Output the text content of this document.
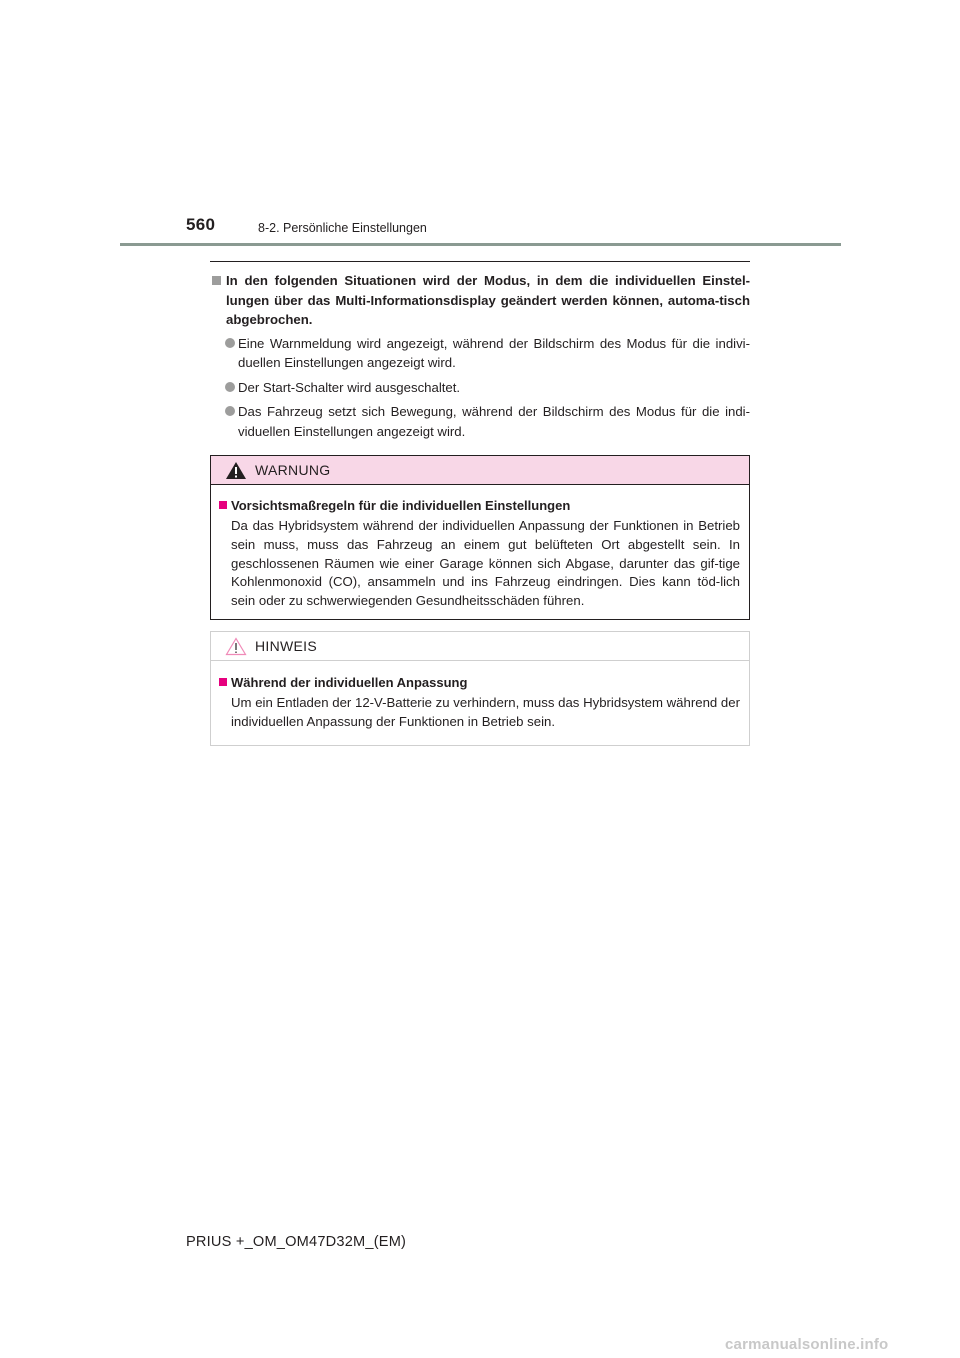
560	8-2. Persönliche Einstellungen
In den folgenden Situationen wird der Modus, in dem die individuellen Einstel-lungen über das Multi-Informationsdisplay geändert werden können, automa-tisch abgebrochen.
Eine Warnmeldung wird angezeigt, während der Bildschirm des Modus für die indivi-duellen Einstellungen angezeigt wird.
Der Start-Schalter wird ausgeschaltet.
Das Fahrzeug setzt sich Bewegung, während der Bildschirm des Modus für die indi-viduellen Einstellungen angezeigt wird.
WARNUNG
Vorsichtsmaßregeln für die individuellen Einstellungen
Da das Hybridsystem während der individuellen Anpassung der Funktionen in Betrieb sein muss, muss das Fahrzeug an einem gut belüfteten Ort abgestellt sein. In geschlossenen Räumen wie einer Garage können sich Abgase, darunter das gif-tige Kohlenmonoxid (CO), ansammeln und ins Fahrzeug eindringen. Dies kann töd-lich sein oder zu schwerwiegenden Gesundheitsschäden führen.
HINWEIS
Während der individuellen Anpassung
Um ein Entladen der 12-V-Batterie zu verhindern, muss das Hybridsystem während der individuellen Anpassung der Funktionen in Betrieb sein.
PRIUS +_OM_OM47D32M_(EM)
carmanualsonline.info
